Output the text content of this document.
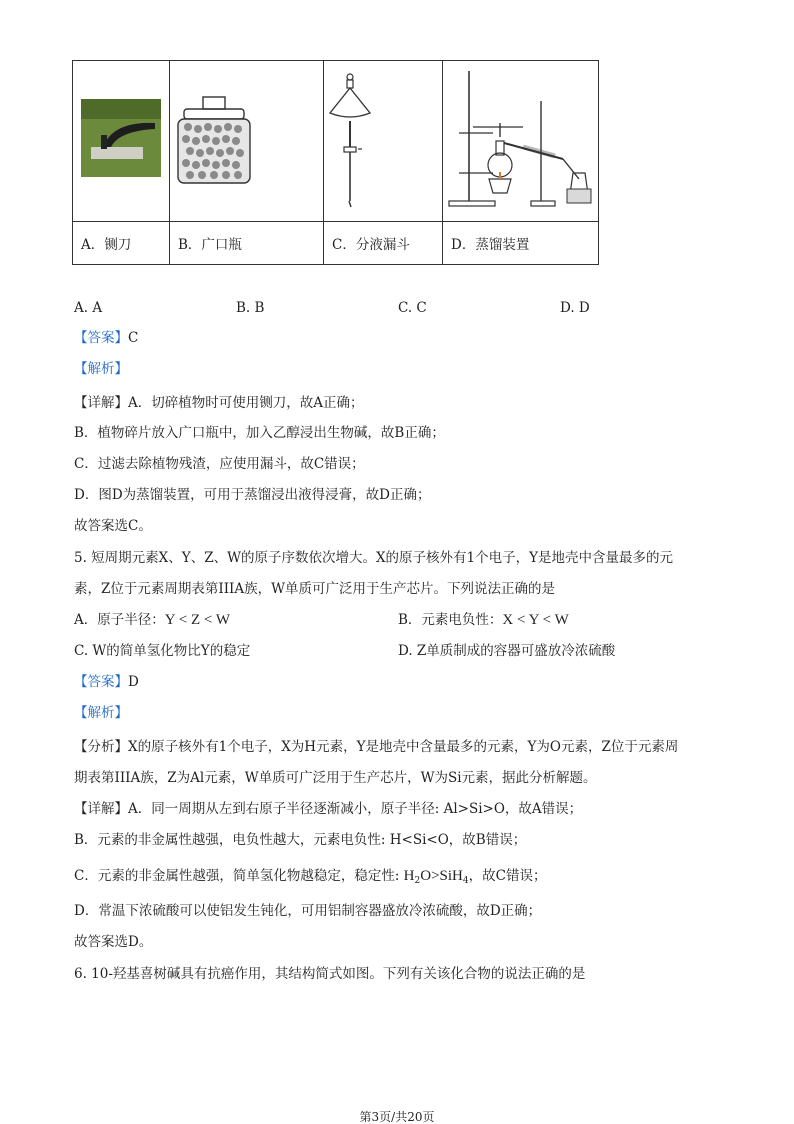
A．铡刀	B．广口瓶	C．分液漏斗	D．蒸馏装置
A. A	B. B	C. C	D. D
【答案】C
【解析】
【详解】A．切碎植物时可使用铡刀，故A正确；
B．植物碎片放入广口瓶中，加入乙醇浸出生物碱，故B正确；
C．过滤去除植物残渣，应使用漏斗，故C错误；
D．图D为蒸馏装置，可用于蒸馏浸出液得浸膏，故D正确；
故答案选C。
5. 短周期元素X、Y、Z、W的原子序数依次增大。X的原子核外有1个电子，Y是地壳中含量最多的元
素，Z位于元素周期表第IIIA族，W单质可广泛用于生产芯片。下列说法正确的是
A．原子半径：Y < Z < W	B．元素电负性：X < Y < W
C. W的简单氢化物比Y的稳定	D. Z单质制成的容器可盛放冷浓硫酸
【答案】D
【解析】
【分析】X的原子核外有1个电子，X为H元素，Y是地壳中含量最多的元素，Y为O元素，Z位于元素周
期表第IIIA族，Z为Al元素，W单质可广泛用于生产芯片，W为Si元素，据此分析解题。
【详解】A．同一周期从左到右原子半径逐渐减小，原子半径: Al>Si>O，故A错误；
B．元素的非金属性越强，电负性越大，元素电负性: H<Si<O，故B错误；
C．元素的非金属性越强，简单氢化物越稳定，稳定性: $H_2O>SiH_4$，故C错误；
D．常温下浓硫酸可以使铝发生钝化，可用铝制容器盛放冷浓硫酸，故D正确；
故答案选D。
6. 10-羟基喜树碱具有抗癌作用，其结构简式如图。下列有关该化合物的说法正确的是
第3页/共20页
